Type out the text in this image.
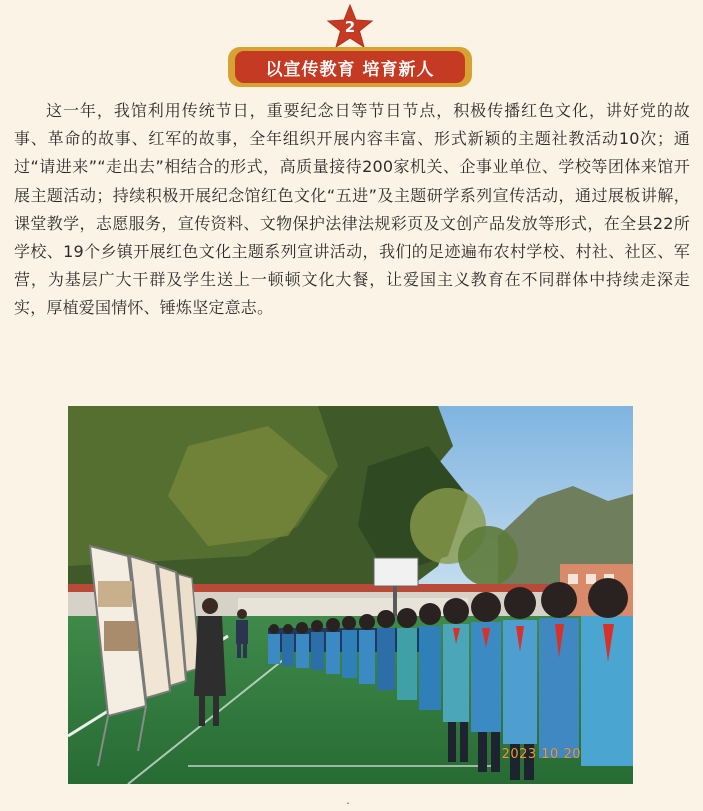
2
以宣传教育 培育新人

这一年，我馆利用传统节日，重要纪念日等节日节点，积极传播红色文化，讲好党的故事、革命的故事、红军的故事，全年组织开展内容丰富、形式新颖的主题社教活动10次；通过“请进来”“走出去”相结合的形式，高质量接待200家机关、企事业单位、学校等团体来馆开展主题活动；持续积极开展纪念馆红色文化“五进”及主题研学系列宣传活动，通过展板讲解，课堂教学，志愿服务，宣传资料、文物保护法律法规彩页及文创产品发放等形式，在全县22所学校、19个乡镇开展红色文化主题系列宣讲活动，我们的足迹遍布农村学校、村社、社区、军营，为基层广大干群及学生送上一顿顿文化大餐，让爱国主义教育在不同群体中持续走深走实，厚植爱国情怀、锤炼坚定意志。

2023 10 20
ˇ
